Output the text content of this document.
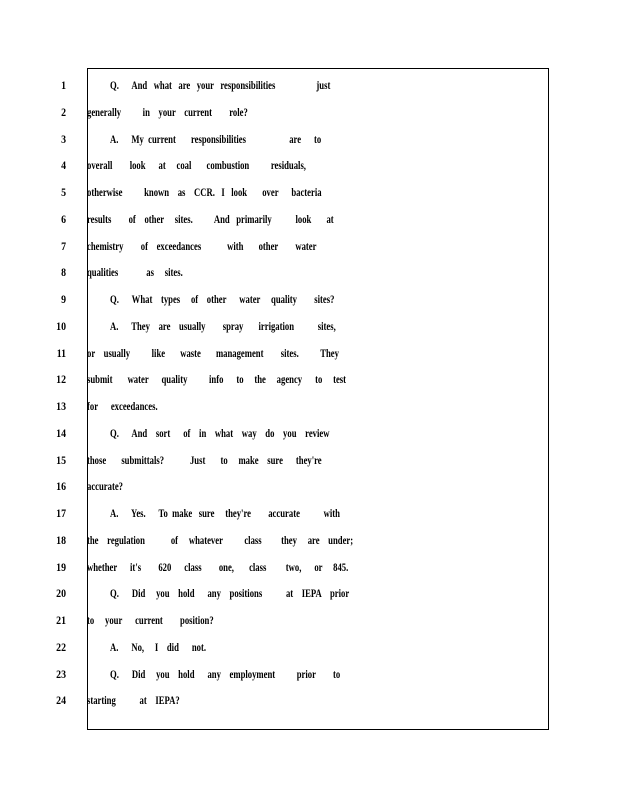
1	Q.      And   what   are   your   responsibilities                   just
2 generally          in    your    current        role?
3	A.      My  current       responsibilities                    are      to
4 overall        look      at     coal       combustion          residuals,
5 otherwise          known    as    CCR.   I   look       over      bacteria
6 results        of    other     sites.          And   primarily           look       at
7 chemistry        of    exceedances            with       other        water
8 qualities             as     sites.
9	Q.      What    types     of    other      water     quality        sites?
10	A.      They    are    usually        spray       irrigation           sites,
11 or    usually          like       waste       management        sites.          They
12 submit       water      quality          info      to     the     agency      to     test
13 for      exceedances.
14	Q.      And    sort      of    in    what    way    do    you    review
15 those       submittals?            Just       to     make    sure      they're
16 accurate?
17	A.      Yes.      To  make   sure     they're        accurate           with
18 the    regulation            of     whatever          class         they     are    under;
19 whether      it's        620      class        one,       class         two,      or     845.
20	Q.      Did     you    hold      any    positions           at    IEPA    prior
21 to     your      current        position?
22	A.      No,     I    did      not.
23	Q.      Did     you    hold      any    employment          prior        to
24 starting           at    IEPA?
